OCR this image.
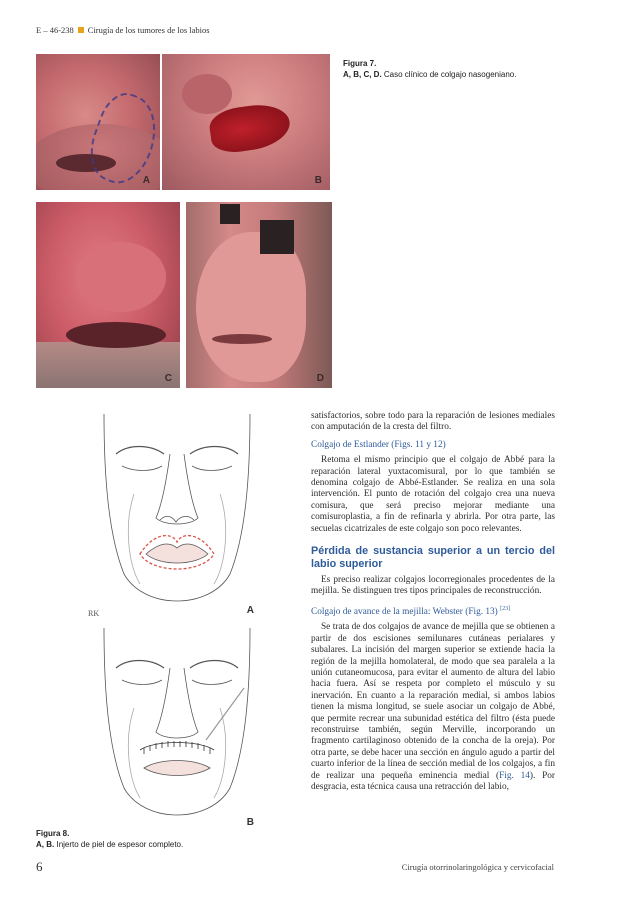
E – 46-238 Cirugía de los tumores de los labios
A	B
C	D
Figura 7.
A, B, C, D. Caso clínico de colgajo nasogeniano.
A
RK
B
Figura 8.
A, B. Injerto de piel de espesor completo.

satisfactorios, sobre todo para la reparación de lesiones mediales con amputación de la cresta del filtro.

Colgajo de Estlander (Figs. 11 y 12)

Retoma el mismo principio que el colgajo de Abbé para la reparación lateral yuxtacomisural, por lo que también se denomina colgajo de Abbé-Estlander. Se realiza en una sola intervención. El punto de rotación del colgajo crea una nueva comisura, que será preciso mejorar mediante una comisuroplastia, a fin de refinarla y abrirla. Por otra parte, las secuelas cicatrizales de este colgajo son poco relevantes.

Pérdida de sustancia superior a un tercio del labio superior

Es preciso realizar colgajos locorregionales procedentes de la mejilla. Se distinguen tres tipos principales de reconstrucción.

Colgajo de avance de la mejilla: Webster (Fig. 13) [23]

Se trata de dos colgajos de avance de mejilla que se obtienen a partir de dos escisiones semilunares cutáneas perialares y subalares. La incisión del margen superior se extiende hacia la región de la mejilla homolateral, de modo que sea paralela a la unión cutaneomucosa, para evitar el aumento de altura del labio hacia fuera. Así se respeta por completo el músculo y su inervación. En cuanto a la reparación medial, si ambos labios tienen la misma longitud, se suele asociar un colgajo de Abbé, que permite recrear una subunidad estética del filtro (ésta puede reconstruirse también, según Merville, incorporando un fragmento cartilaginoso obtenido de la concha de la oreja). Por otra parte, se debe hacer una sección en ángulo agudo a partir del cuarto inferior de la línea de sección medial de los colgajos, a fin de realizar una pequeña eminencia medial (Fig. 14). Por desgracia, esta técnica causa una retracción del labio,

6	Cirugía otorrinolaringológica y cervicofacial
